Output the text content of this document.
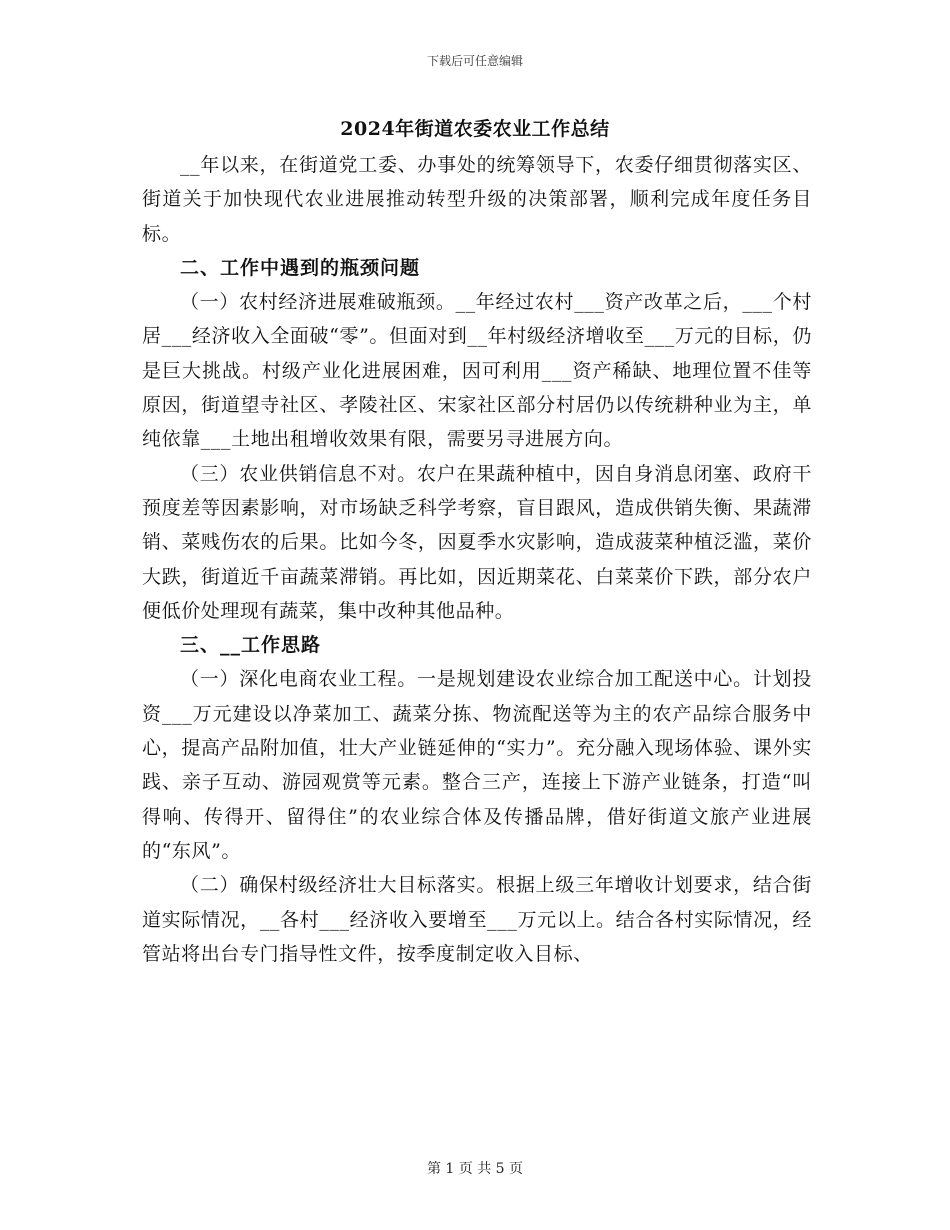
下载后可任意编辑
2024年街道农委农业工作总结

__年以来，在街道党工委、办事处的统筹领导下，农委仔细贯彻落实区、街道关于加快现代农业进展推动转型升级的决策部署，顺利完成年度任务目标。

二、工作中遇到的瓶颈问题

（一）农村经济进展难破瓶颈。__年经过农村___资产改革之后，___个村居___经济收入全面破“零”。但面对到__年村级经济增收至___万元的目标，仍是巨大挑战。村级产业化进展困难，因可利用___资产稀缺、地理位置不佳等原因，街道望寺社区、孝陵社区、宋家社区部分村居仍以传统耕种业为主，单纯依靠___土地出租增收效果有限，需要另寻进展方向。

（三）农业供销信息不对。农户在果蔬种植中，因自身消息闭塞、政府干预度差等因素影响，对市场缺乏科学考察，盲目跟风，造成供销失衡、果蔬滞销、菜贱伤农的后果。比如今冬，因夏季水灾影响，造成菠菜种植泛滥，菜价大跌，街道近千亩蔬菜滞销。再比如，因近期菜花、白菜菜价下跌，部分农户便低价处理现有蔬菜，集中改种其他品种。

三、__工作思路

（一）深化电商农业工程。一是规划建设农业综合加工配送中心。计划投资___万元建设以净菜加工、蔬菜分拣、物流配送等为主的农产品综合服务中心，提高产品附加值，壮大产业链延伸的“实力”。充分融入现场体验、课外实践、亲子互动、游园观赏等元素。整合三产，连接上下游产业链条，打造“叫得响、传得开、留得住”的农业综合体及传播品牌，借好街道文旅产业进展的“东风”。

（二）确保村级经济壮大目标落实。根据上级三年增收计划要求，结合街道实际情况，__各村___经济收入要增至___万元以上。结合各村实际情况，经管站将出台专门指导性文件，按季度制定收入目标、

第 1 页 共 5 页
